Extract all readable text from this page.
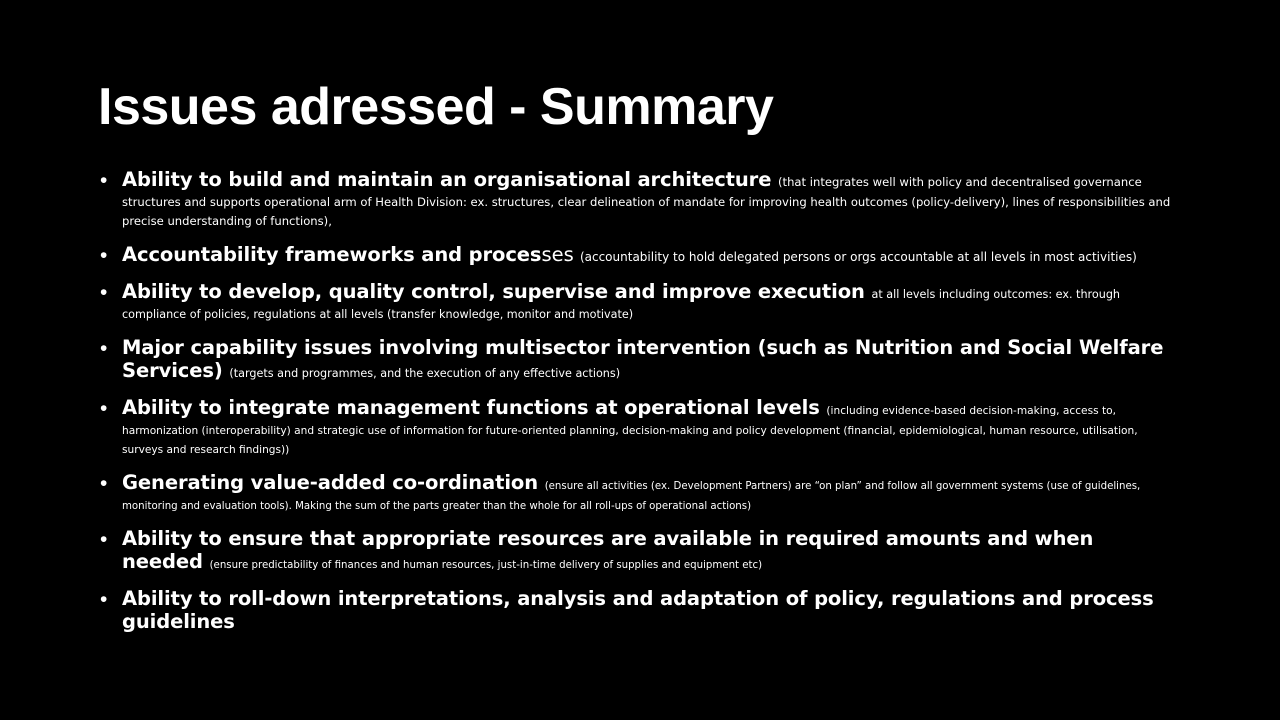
Issues adressed - Summary
• Ability to build and maintain an organisational architecture (that integrates well with policy and decentralised governance structures and supports operational arm of Health Division: ex. structures, clear delineation of mandate for improving health outcomes (policy-delivery), lines of responsibilities and precise understanding of functions),
• Accountability frameworks and processes (accountability to hold delegated persons or orgs accountable at all levels in most activities)
• Ability to develop, quality control, supervise and improve execution at all levels including outcomes: ex. through compliance of policies, regulations at all levels (transfer knowledge, monitor and motivate)
• Major capability issues involving multisector intervention (such as Nutrition and Social Welfare Services) (targets and programmes, and the execution of any effective actions)
• Ability to integrate management functions at operational levels (including evidence-based decision-making, access to, harmonization (interoperability) and strategic use of information for future-oriented planning, decision-making and policy development (financial, epidemiological, human resource, utilisation, surveys and research findings))
• Generating value-added co-ordination (ensure all activities (ex. Development Partners) are “on plan” and follow all government systems (use of guidelines, monitoring and evaluation tools). Making the sum of the parts greater than the whole for all roll-ups of operational actions)
• Ability to ensure that appropriate resources are available in required amounts and when needed (ensure predictability of finances and human resources, just-in-time delivery of supplies and equipment etc)
• Ability to roll-down interpretations, analysis and adaptation of policy, regulations and process guidelines
